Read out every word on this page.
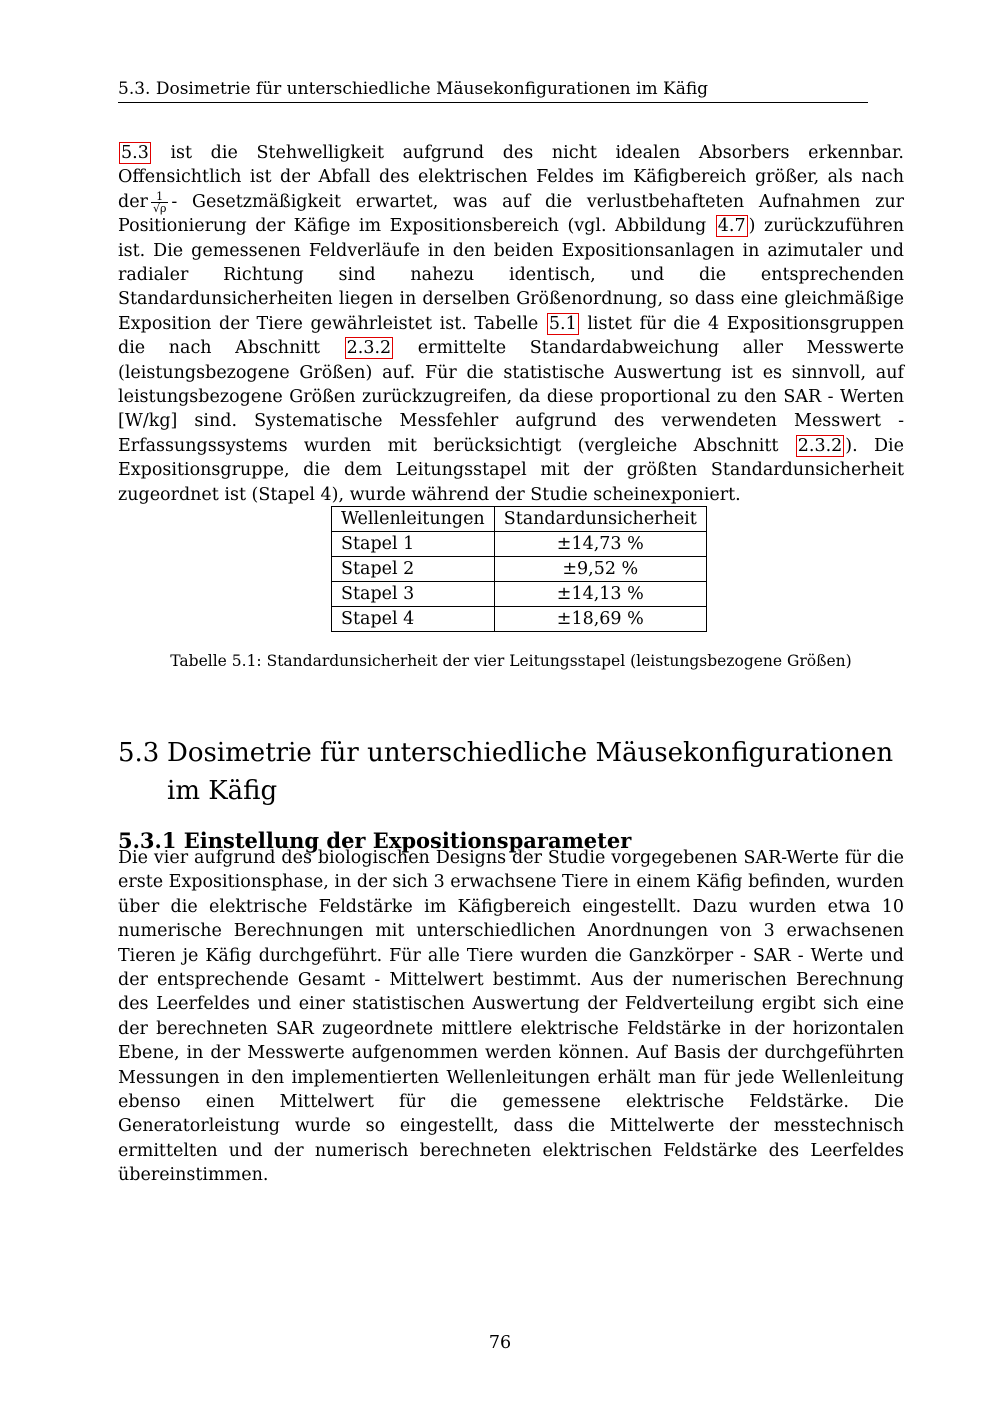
5.3. Dosimetrie für unterschiedliche Mäusekonfigurationen im Käfig
5.3 ist die Stehwelligkeit aufgrund des nicht idealen Absorbers erkennbar. Offensichtlich ist der Abfall des elektrischen Feldes im Käfigbereich größer, als nach der $\frac{1}{√\rho}$ - Gesetzmäßigkeit erwartet, was auf die verlustbehafteten Aufnahmen zur Positionierung der Käfige im Expositionsbereich (vgl. Abbildung 4.7 ) zurückzuführen ist. Die gemessenen Feldverläufe in den beiden Expositionsanlagen in azimutaler und radialer Richtung sind nahezu identisch, und die entsprechenden Standardunsicherheiten liegen in derselben Größenordnung, so dass eine gleichmäßige Exposition der Tiere gewährleistet ist. Tabelle 5.1 listet für die 4 Expositionsgruppen die nach Abschnitt 2.3.2 ermittelte Standardabweichung aller Messwerte (leistungsbezogene Größen) auf. Für die statistische Auswertung ist es sinnvoll, auf leistungsbezogene Größen zurückzugreifen, da diese proportional zu den SAR - Werten [W/kg] sind. Systematische Messfehler aufgrund des verwendeten Messwert - Erfassungssystems wurden mit berücksichtigt (vergleiche Abschnitt 2.3.2 ). Die Expositionsgruppe, die dem Leitungsstapel mit der größten Standardunsicherheit zugeordnet ist (Stapel 4), wurde während der Studie scheinexponiert.
Wellenleitungen	Standardunsicherheit
Stapel 1	±14,73 %
Stapel 2	±9,52 %
Stapel 3	±14,13 %
Stapel 4	±18,69 %
Tabelle 5.1: Standardunsicherheit der vier Leitungsstapel (leistungsbezogene Größen)
5.3 Dosimetrie für unterschiedliche Mäusekonfigurationen im Käfig
5.3.1 Einstellung der Expositionsparameter
Die vier aufgrund des biologischen Designs der Studie vorgegebenen SAR-Werte für die erste Expositionsphase, in der sich 3 erwachsene Tiere in einem Käfig befinden, wurden über die elektrische Feldstärke im Käfigbereich eingestellt. Dazu wurden etwa 10 numerische Berechnungen mit unterschiedlichen Anordnungen von 3 erwachsenen Tieren je Käfig durchgeführt. Für alle Tiere wurden die Ganzkörper - SAR - Werte und der entsprechende Gesamt - Mittelwert bestimmt. Aus der numerischen Berechnung des Leerfeldes und einer statistischen Auswertung der Feldverteilung ergibt sich eine der berechneten SAR zugeordnete mittlere elektrische Feldstärke in der horizontalen Ebene, in der Messwerte aufgenommen werden können. Auf Basis der durchgeführten Messungen in den implementierten Wellenleitungen erhält man für jede Wellenleitung ebenso einen Mittelwert für die gemessene elektrische Feldstärke. Die Generatorleistung wurde so eingestellt, dass die Mittelwerte der messtechnisch ermittelten und der numerisch berechneten elektrischen Feldstärke des Leerfeldes übereinstimmen.
76
